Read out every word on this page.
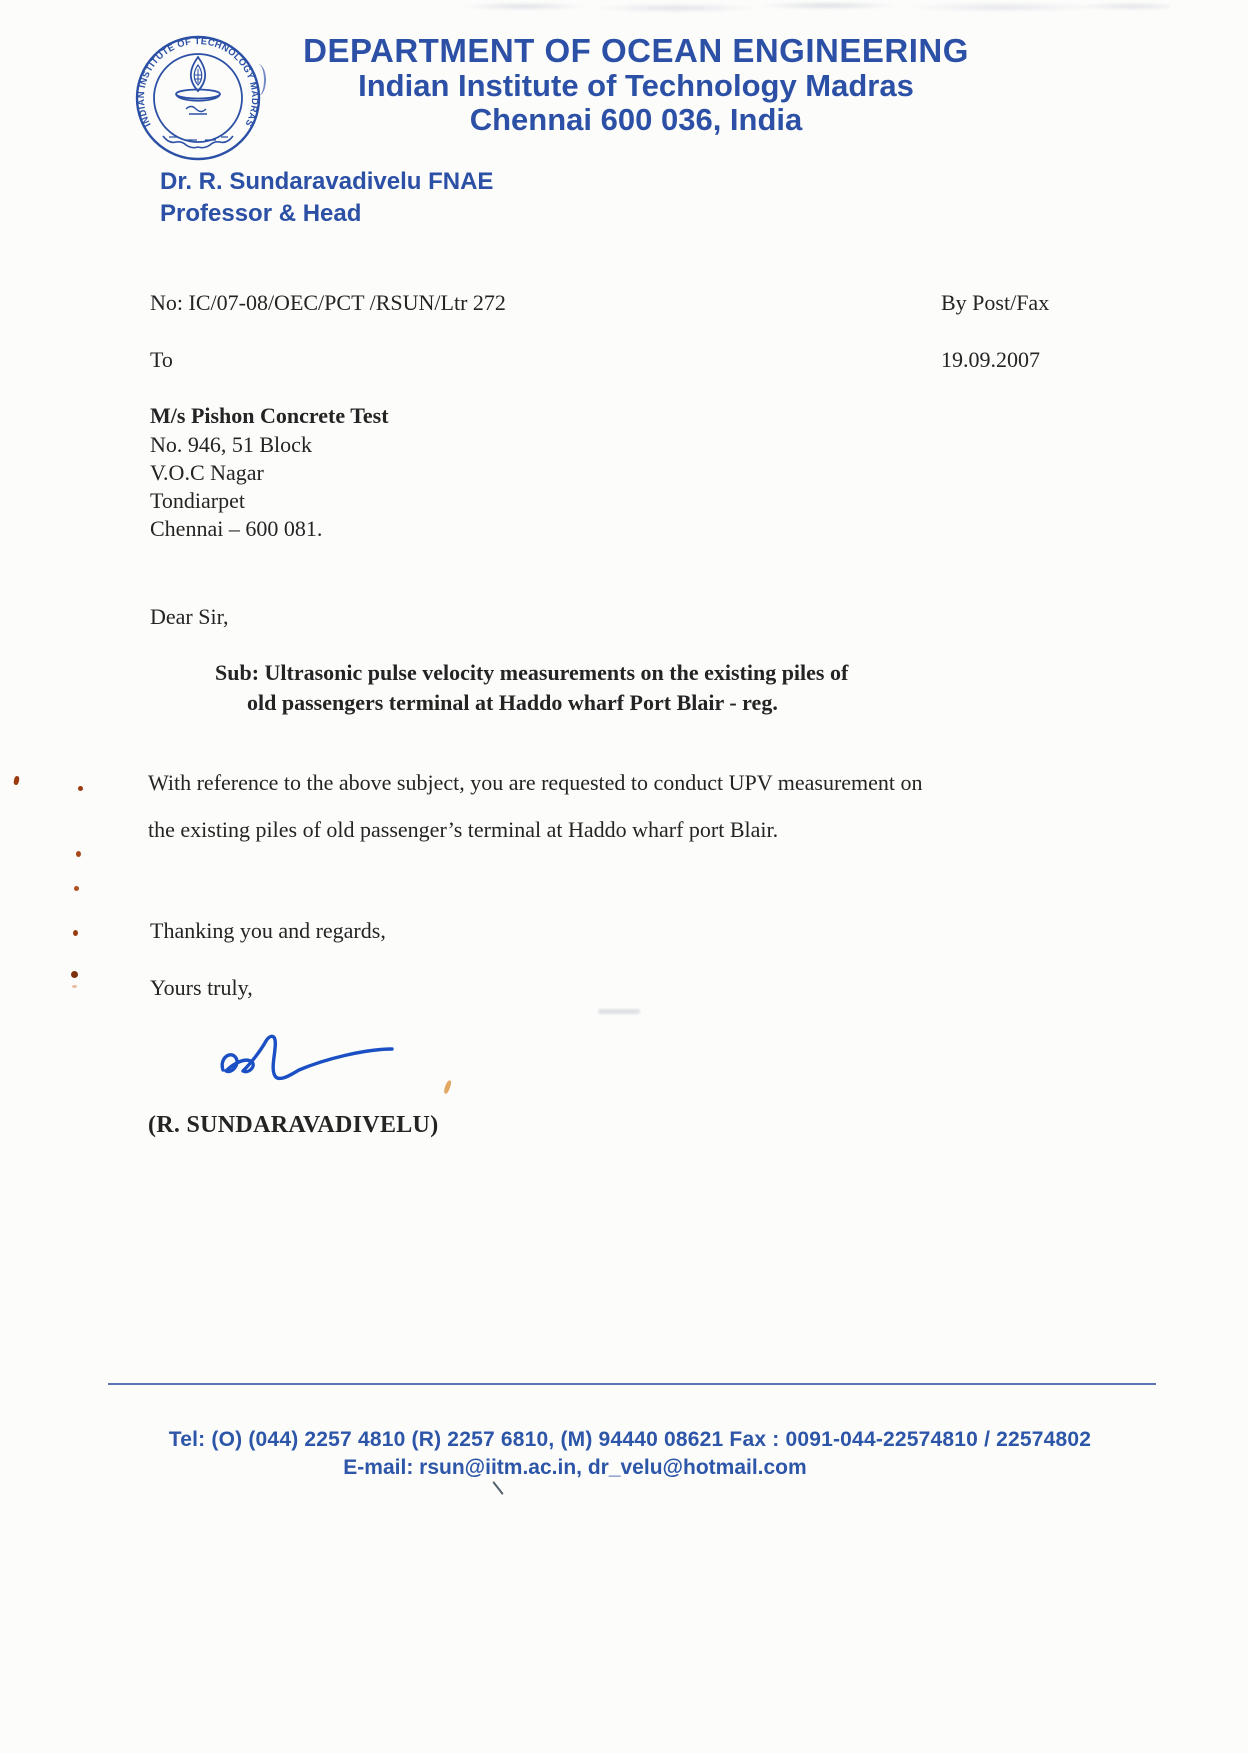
INDIAN INSTITUTE OF TECHNOLOGY MADRAS
DEPARTMENT OF OCEAN ENGINEERING
Indian Institute of Technology Madras
Chennai 600 036, India
Dr. R. Sundaravadivelu FNAE
Professor & Head
No: IC/07-08/OEC/PCT /RSUN/Ltr 272	By Post/Fax
To	19.09.2007
M/s Pishon Concrete Test
No. 946, 51 Block
V.O.C Nagar
Tondiarpet
Chennai – 600 081.
Dear Sir,
Sub: Ultrasonic pulse velocity measurements on the existing piles of
old passengers terminal at Haddo wharf Port Blair - reg.
With reference to the above subject, you are requested to conduct UPV measurement on
the existing piles of old passenger’s terminal at Haddo wharf port Blair.
Thanking you and regards,
Yours truly,
(R. SUNDARAVADIVELU)
Tel: (O) (044) 2257 4810 (R) 2257 6810, (M) 94440 08621 Fax : 0091-044-22574810 / 22574802
E-mail: rsun@iitm.ac.in, dr_velu@hotmail.com
